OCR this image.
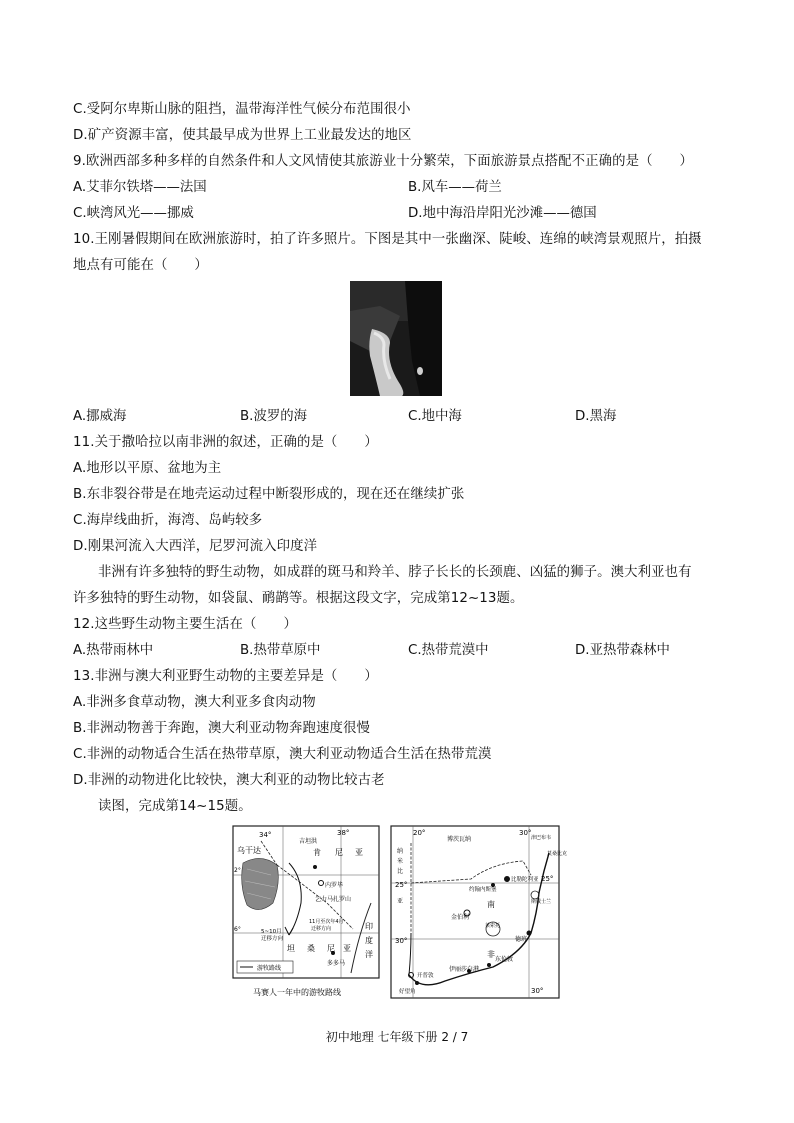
C.受阿尔卑斯山脉的阻挡，温带海洋性气候分布范围很小
D.矿产资源丰富，使其最早成为世界上工业最发达的地区
9.欧洲西部多种多样的自然条件和人文风情使其旅游业十分繁荣，下面旅游景点搭配不正确的是（　　）
A.艾菲尔铁塔——法国	B.风车——荷兰
C.峡湾风光——挪威	D.地中海沿岸阳光沙滩——德国
10.王刚暑假期间在欧洲旅游时，拍了许多照片。下图是其中一张幽深、陡峻、连绵的峡湾景观照片，拍摄
地点有可能在（　　）
A.挪威海	B.波罗的海	C.地中海	D.黑海
11.关于撒哈拉以南非洲的叙述，正确的是（　　）
A.地形以平原、盆地为主
B.东非裂谷带是在地壳运动过程中断裂形成的，现在还在继续扩张
C.海岸线曲折，海湾、岛屿较多
D.刚果河流入大西洋，尼罗河流入印度洋
非洲有许多独特的野生动物，如成群的斑马和羚羊、脖子长长的长颈鹿、凶猛的狮子。澳大利亚也有
许多独特的野生动物，如袋鼠、鸸鹋等。根据这段文字，完成第12~13题。
12.这些野生动物主要生活在（　　）
A.热带雨林中	B.热带草原中	C.热带荒漠中	D.亚热带森林中
13.非洲与澳大利亚野生动物的主要差异是（　　）
A.非洲多食草动物，澳大利亚多食肉动物
B.非洲动物善于奔跑，澳大利亚动物奔跑速度很慢
C.非洲的动物适合生活在热带草原，澳大利亚动物适合生活在热带荒漠
D.非洲的动物进化比较快，澳大利亚的动物比较古老
读图，完成第14~15题。
34°	38°
2°
6°
乌干达
吉坦洪
肯 尼 亚
内罗毕
乞力马扎罗山
5~10月
迁移方向
11月至次年4月
迁移方向
坦 桑 尼 亚
多多马
印
度
洋
游牧路线
马赛人一年中的游牧路线
20°	30°
25°
25°
30°
30°
博茨瓦纳	津巴布韦
莫桑比克
纳
米
比
亚
比勒陀利亚
约翰内斯堡
斯威士兰
南
非
金伯利
德班
莱索托
伊丽莎白港
东伦敦
开普敦
好望角
初中地理 七年级下册 2 / 7
